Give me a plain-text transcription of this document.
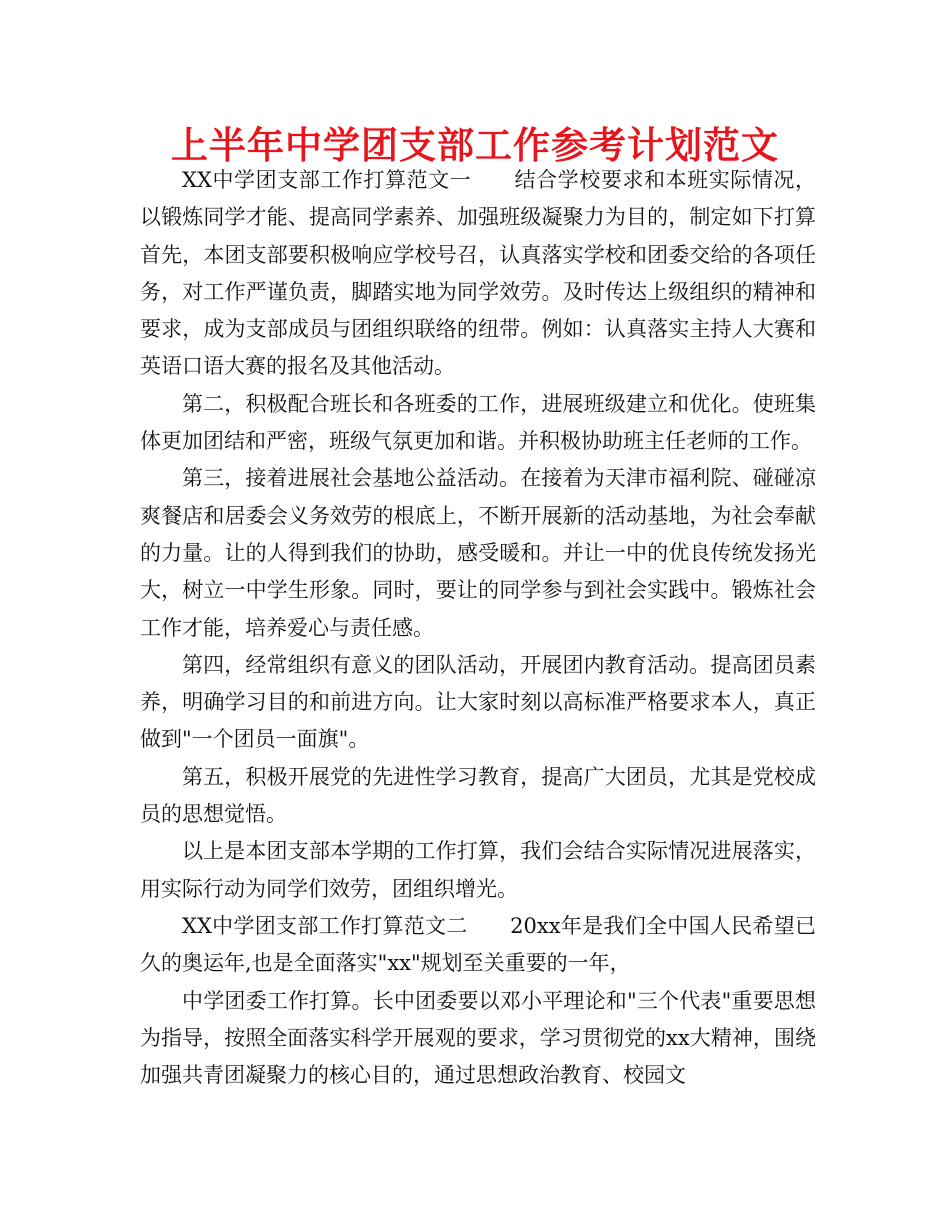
上半年中学团支部工作参考计划范文

XX中学团支部工作打算范文一　　结合学校要求和本班实际情况，以锻炼同学才能、提高同学素养、加强班级凝聚力为目的，制定如下打算　　首先，本团支部要积极响应学校号召，认真落实学校和团委交给的各项任务，对工作严谨负责，脚踏实地为同学效劳。及时传达上级组织的精神和要求，成为支部成员与团组织联络的纽带。例如：认真落实主持人大赛和英语口语大赛的报名及其他活动。

第二，积极配合班长和各班委的工作，进展班级建立和优化。使班集体更加团结和严密，班级气氛更加和谐。并积极协助班主任老师的工作。

第三，接着进展社会基地公益活动。在接着为天津市福利院、碰碰凉爽餐店和居委会义务效劳的根底上，不断开展新的活动基地，为社会奉献的力量。让的人得到我们的协助，感受暖和。并让一中的优良传统发扬光大，树立一中学生形象。同时，要让的同学参与到社会实践中。锻炼社会工作才能，培养爱心与责任感。

第四，经常组织有意义的团队活动，开展团内教育活动。提高团员素养，明确学习目的和前进方向。让大家时刻以高标准严格要求本人，真正做到"一个团员一面旗"。

第五，积极开展党的先进性学习教育，提高广大团员，尤其是党校成员的思想觉悟。

以上是本团支部本学期的工作打算，我们会结合实际情况进展落实，用实际行动为同学们效劳，团组织增光。

XX中学团支部工作打算范文二　　20xx年是我们全中国人民希望已久的奥运年,也是全面落实"xx"规划至关重要的一年，

中学团委工作打算。长中团委要以邓小平理论和"三个代表"重要思想为指导，按照全面落实科学开展观的要求，学习贯彻党的xx大精神，围绕加强共青团凝聚力的核心目的，通过思想政治教育、校园文
